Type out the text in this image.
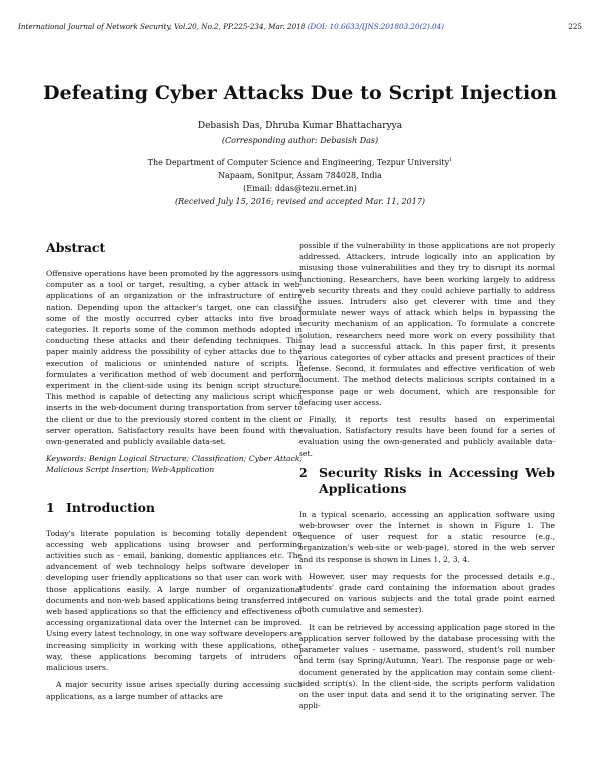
International Journal of Network Security, Vol.20, No.2, PP.225-234, Mar. 2018 (DOI: 10.6633/IJNS.201803.20(2).04)	225
Defeating Cyber Attacks Due to Script Injection
Debasish Das, Dhruba Kumar Bhattacharyya
(Corresponding author: Debasish Das)
The Department of Computer Science and Engineering, Tezpur University$^1$
Napaam, Sonitpur, Assam 784028, India
(Email: ddas@tezu.ernet.in)
(Received July 15, 2016; revised and accepted Mar. 11, 2017)
Abstract

Offensive operations have been promoted by the aggressors using computer as a tool or target, resulting, a cyber attack in web-applications of an organization or the infrastructure of entire nation. Depending upon the attacker's target, one can classify some of the mostly occurred cyber attacks into five broad categories. It reports some of the common methods adopted in conducting these attacks and their defending techniques. This paper mainly address the possibility of cyber attacks due to the execution of malicious or unintended nature of scripts. It formulates a verification method of web document and perform experiment in the client-side using its benign script structure. This method is capable of detecting any malicious script which inserts in the web-document during transportation from server to the client or due to the previously stored content in the client or server operation. Satisfactory results have been found with the own-generated and publicly available data-set.

Keywords: Benign Logical Structure; Classification; Cyber Attack; Malicious Script Insertion; Web-Application

1 Introduction

Today's literate population is becoming totally dependent on accessing web applications using browser and performing activities such as - email, banking, domestic appliances etc. The advancement of web technology helps software developer in developing user friendly applications so that user can work with those applications easily. A large number of organizational documents and non-web based applications being transferred into web based applications so that the efficiency and effectiveness of accessing organizational data over the Internet can be improved. Using every latest technology, in one way software developers are increasing simplicity in working with these applications, other way, these applications becoming targets of intruders or malicious users.

A major security issue arises specially during accessing such applications, as a large number of attacks are

possible if the vulnerability in those applications are not properly addressed. Attackers, intrude logically into an application by misusing those vulnerabilities and they try to disrupt its normal functioning. Researchers, have been working largely to address web security threats and they could achieve partially to address the issues. Intruders also get cleverer with time and they formulate newer ways of attack which helps in bypassing the security mechanism of an application. To formulate a concrete solution, researchers need more work on every possibility that may lead a successful attack. In this paper first, it presents various categories of cyber attacks and present practices of their defense. Second, it formulates and effective verification of web document. The method detects malicious scripts contained in a response page or web document, which are responsible for defacing user access.

Finally, it reports test results based on experimental evaluation. Satisfactory results have been found for a series of evaluation using the own-generated and publicly available data-set.

2 Security Risks in Accessing Web Applications

In a typical scenario, accessing an application software using web-browser over the Internet is shown in Figure 1. The sequence of user request for a static resource (e.g., organization's web-site or web-page), stored in the web server and its response is shown in Lines 1, 2, 3, 4.

However, user may requests for the processed details e.g., students' grade card containing the information about grades secured on various subjects and the total grade point earned (both cumulative and semester).

It can be retrieved by accessing application page stored in the application server followed by the database processing with the parameter values - username, password, student's roll number and term (say Spring/Autumn, Year). The response page or web-document generated by the application may contain some client-sided script(s). In the client-side, the scripts perform validation on the user input data and send it to the originating server. The appli-
